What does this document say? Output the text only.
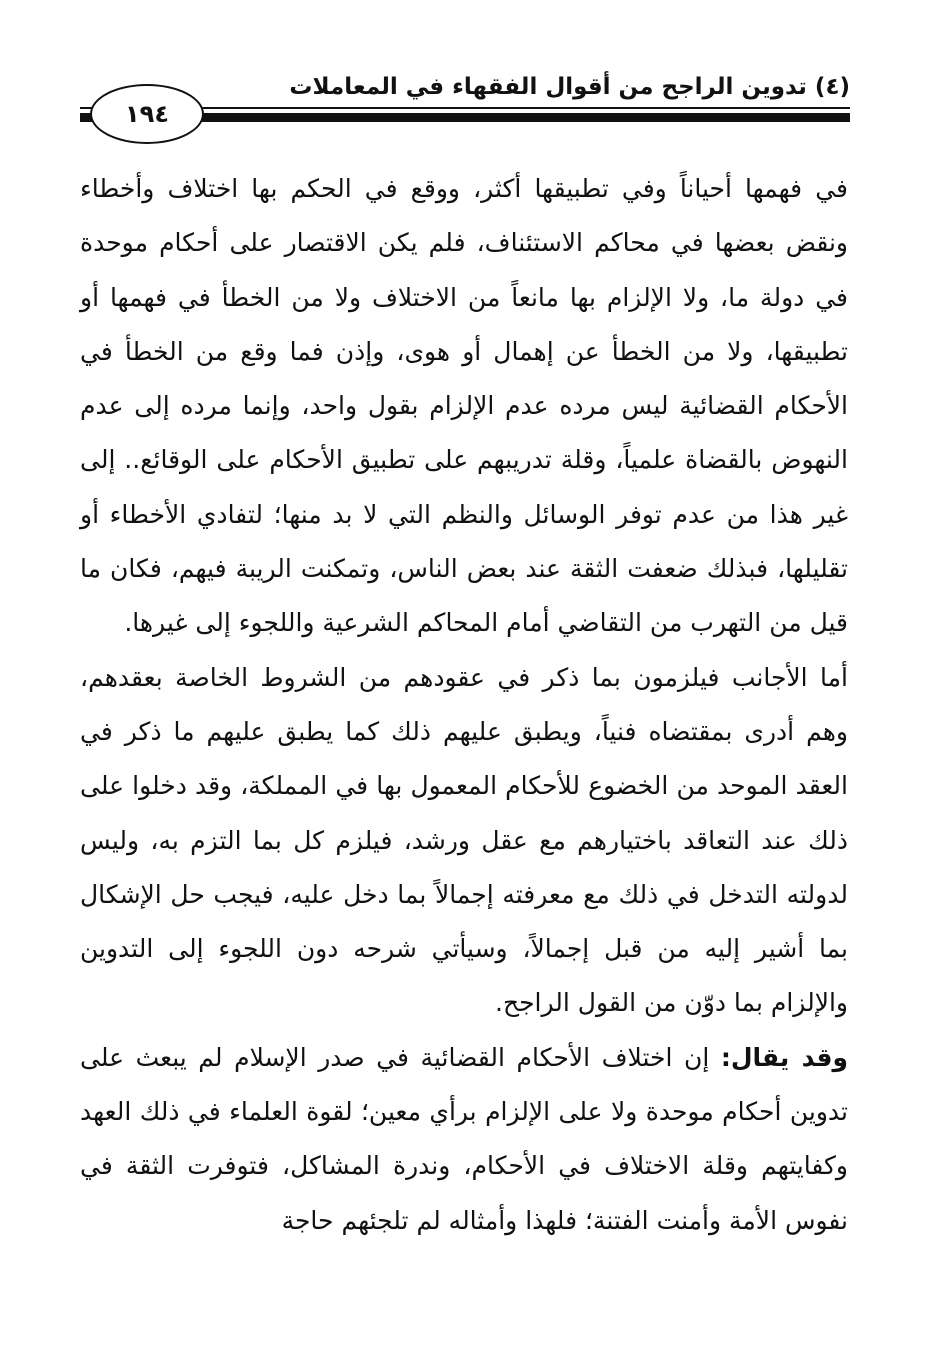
(٤) تدوين الراجح من أقوال الفقهاء في المعاملات
١٩٤

في فهمها أحياناً وفي تطبيقها أكثر، ووقع في الحكم بها اختلاف وأخطاء ونقض بعضها في محاكم الاستئناف، فلم يكن الاقتصار على أحكام موحدة في دولة ما، ولا الإلزام بها مانعاً من الاختلاف ولا من الخطأ في فهمها أو تطبيقها، ولا من الخطأ عن إهمال أو هوى، وإذن فما وقع من الخطأ في الأحكام القضائية ليس مرده عدم الإلزام بقول واحد، وإنما مرده إلى عدم النهوض بالقضاة علمياً، وقلة تدريبهم على تطبيق الأحكام على الوقائع.. إلى غير هذا من عدم توفر الوسائل والنظم التي لا بد منها؛ لتفادي الأخطاء أو تقليلها، فبذلك ضعفت الثقة عند بعض الناس، وتمكنت الريبة فيهم، فكان ما قيل من التهرب من التقاضي أمام المحاكم الشرعية واللجوء إلى غيرها.

أما الأجانب فيلزمون بما ذكر في عقودهم من الشروط الخاصة بعقدهم، وهم أدرى بمقتضاه فنياً، ويطبق عليهم ذلك كما يطبق عليهم ما ذكر في العقد الموحد من الخضوع للأحكام المعمول بها في المملكة، وقد دخلوا على ذلك عند التعاقد باختيارهم مع عقل ورشد، فيلزم كل بما التزم به، وليس لدولته التدخل في ذلك مع معرفته إجمالاً بما دخل عليه، فيجب حل الإشكال بما أشير إليه من قبل إجمالاً، وسيأتي شرحه دون اللجوء إلى التدوين والإلزام بما دوّن من القول الراجح.

وقد يقال: إن اختلاف الأحكام القضائية في صدر الإسلام لم يبعث على تدوين أحكام موحدة ولا على الإلزام برأي معين؛ لقوة العلماء في ذلك العهد وكفايتهم وقلة الاختلاف في الأحكام، وندرة المشاكل، فتوفرت الثقة في نفوس الأمة وأمنت الفتنة؛ فلهذا وأمثاله لم تلجئهم حاجة
